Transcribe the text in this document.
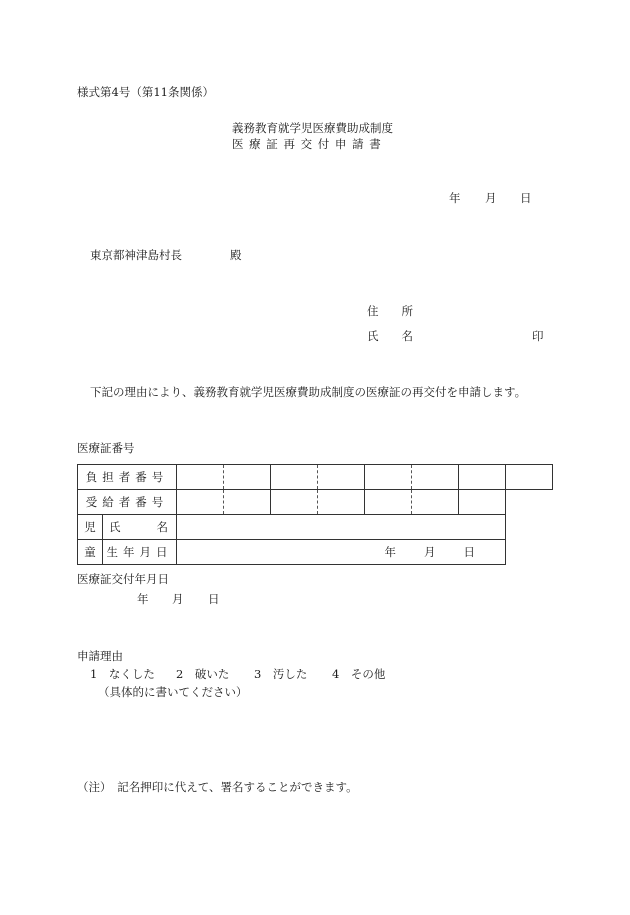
様式第4号（第11条関係）
義務教育就学児医療費助成制度
医 療 証 再 交 付 申 請 書
年 月 日
東京都神津島村長	殿
住　　所
氏　　名	印
下記の理由により、義務教育就学児医療費助成制度の医療証の再交付を申請します。
医療証番号
負担者番号									
受給者番号									
児	氏 名								

童	生年月日	年 月 日							

医療証交付年月日
年 月 日
申請理由
1　なくした 2　破いた 3　汚した 4　その他
（具体的に書いてください）
（注）　記名押印に代えて、署名することができます。
